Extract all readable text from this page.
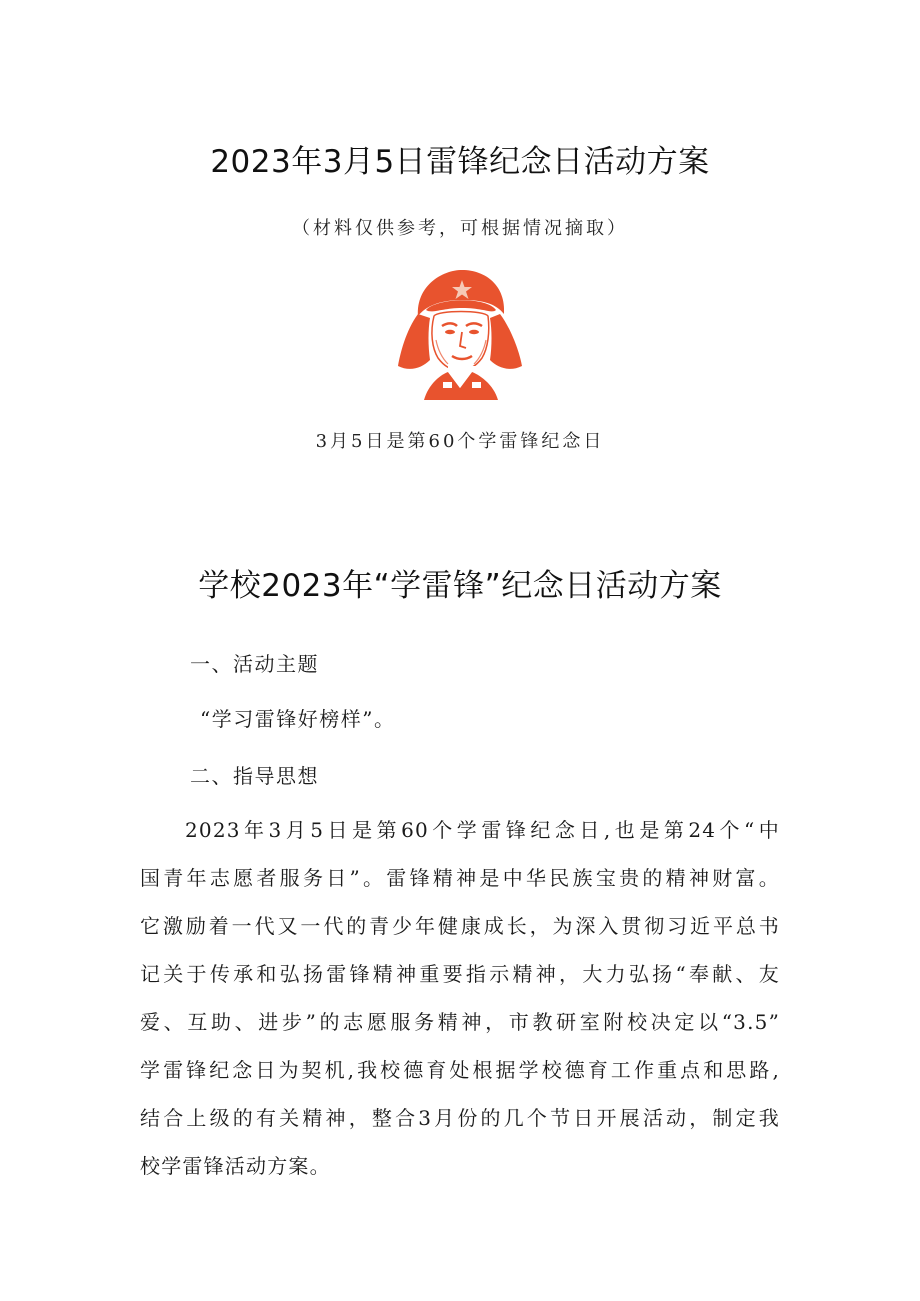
2023年3月5日雷锋纪念日活动方案
（材料仅供参考，可根据情况摘取）
3月5日是第60个学雷锋纪念日
学校2023年“学雷锋”纪念日活动方案
一、活动主题
“学习雷锋好榜样”。
二、指导思想
2023年3月5日是第60个学雷锋纪念日,也是第24个“中
国青年志愿者服务日”。雷锋精神是中华民族宝贵的精神财富。
它激励着一代又一代的青少年健康成长，为深入贯彻习近平总书
记关于传承和弘扬雷锋精神重要指示精神，大力弘扬“奉献、友
爱、互助、进步”的志愿服务精神，市教研室附校决定以“3.5”
学雷锋纪念日为契机,我校德育处根据学校德育工作重点和思路,
结合上级的有关精神，整合3月份的几个节日开展活动，制定我
校学雷锋活动方案。
